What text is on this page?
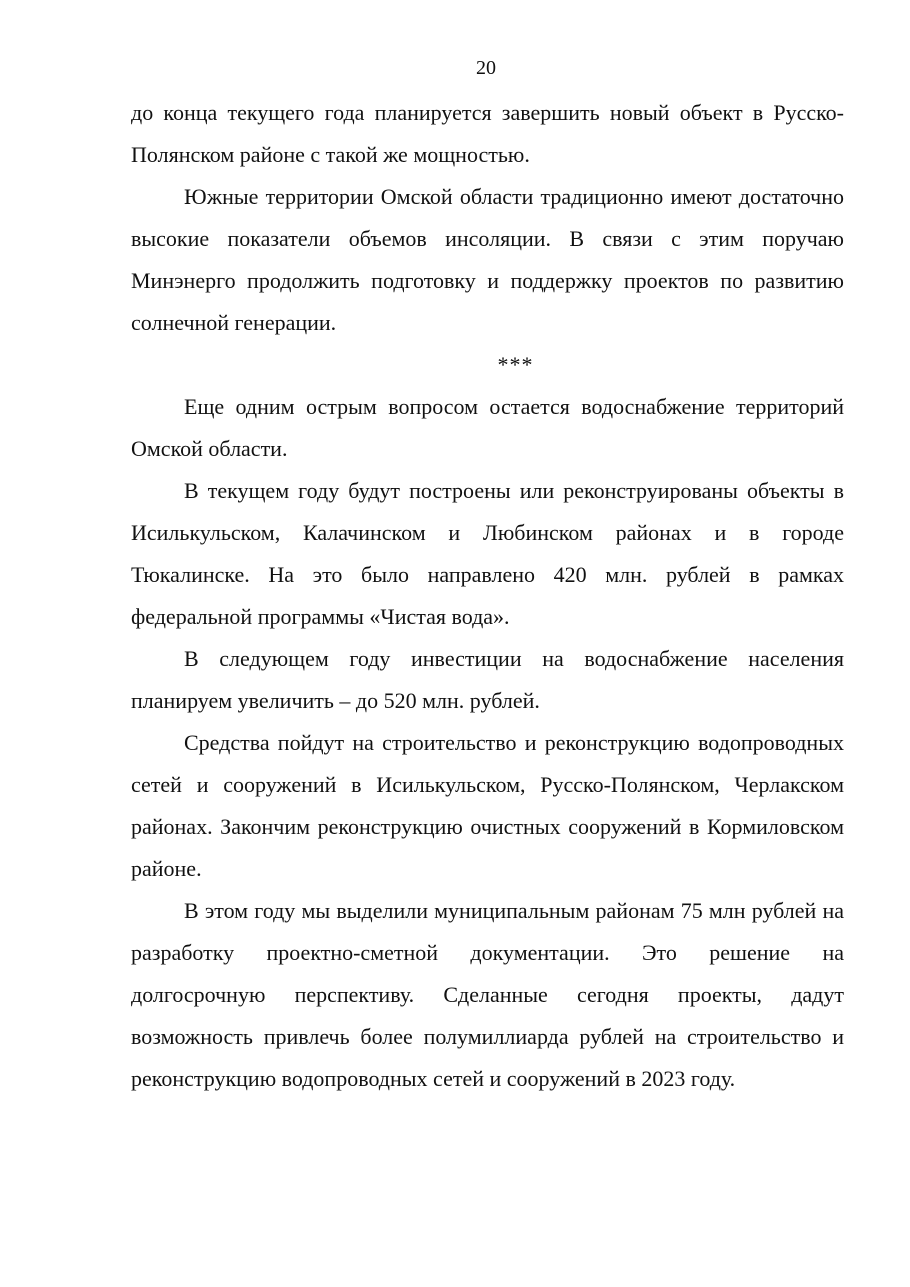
20

до конца текущего года планируется завершить новый объект в Русско-Полянском районе с такой же мощностью.

Южные территории Омской области традиционно имеют достаточно высокие показатели объемов инсоляции. В связи с этим поручаю Минэнерго продолжить подготовку и поддержку проектов по развитию солнечной генерации.

***

Еще одним острым вопросом остается водоснабжение территорий Омской области.

В текущем году будут построены или реконструированы объекты в Исилькульском, Калачинском и Любинском районах и в городе Тюкалинске. На это было направлено 420 млн. рублей в рамках федеральной программы «Чистая вода».

В следующем году инвестиции на водоснабжение населения планируем увеличить – до 520 млн. рублей.

Средства пойдут на строительство и реконструкцию водопроводных сетей и сооружений в Исилькульском, Русско-Полянском, Черлакском районах. Закончим реконструкцию очистных сооружений в Кормиловском районе.

В этом году мы выделили муниципальным районам 75 млн рублей на разработку проектно-сметной документации. Это решение на долгосрочную перспективу. Сделанные сегодня проекты, дадут возможность привлечь более полумиллиарда рублей на строительство и реконструкцию водопроводных сетей и сооружений в 2023 году.
